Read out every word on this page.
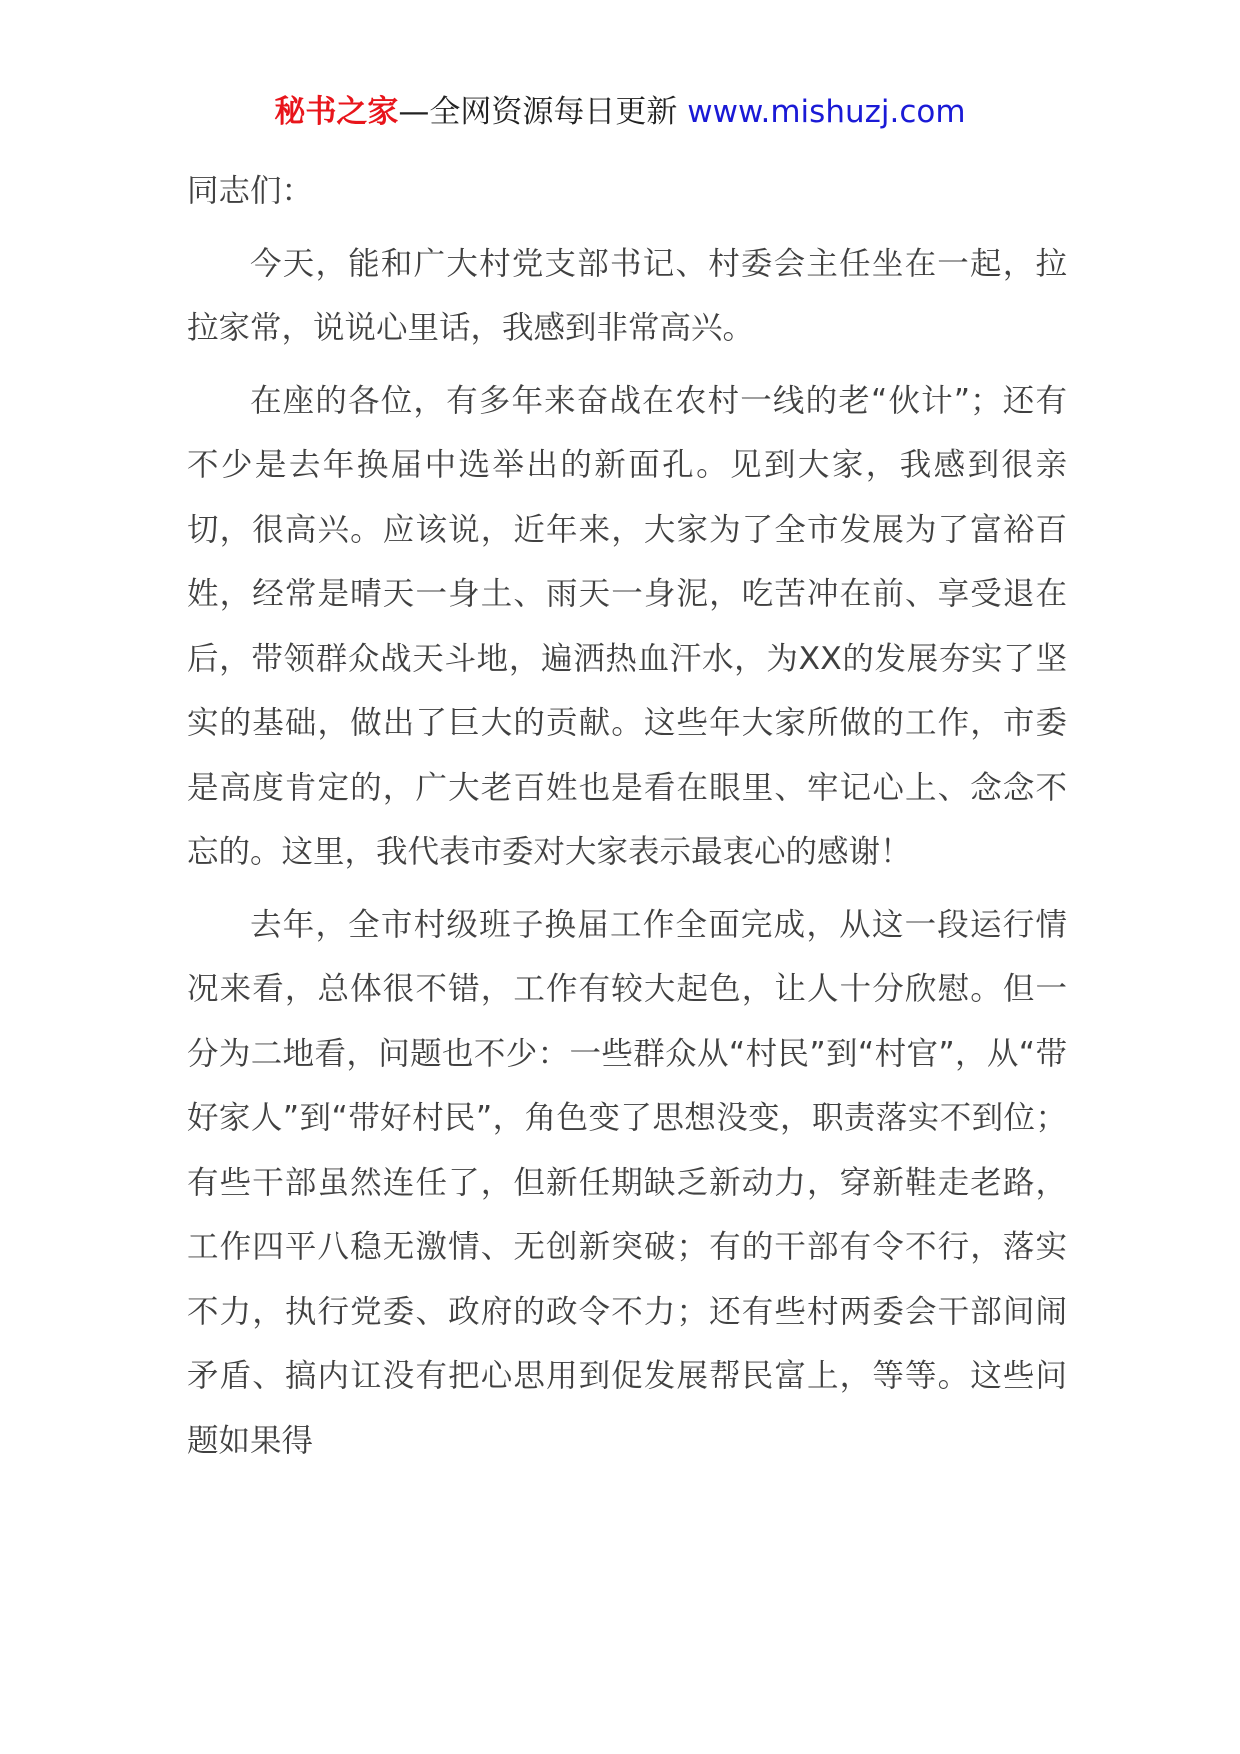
秘书之家—全网资源每日更新 www.mishuzj.com

同志们：

今天，能和广大村党支部书记、村委会主任坐在一起，拉拉家常，说说心里话，我感到非常高兴。

在座的各位，有多年来奋战在农村一线的老“伙计”；还有不少是去年换届中选举出的新面孔。见到大家，我感到很亲切，很高兴。应该说，近年来，大家为了全市发展为了富裕百姓，经常是晴天一身土、雨天一身泥，吃苦冲在前、享受退在后，带领群众战天斗地，遍洒热血汗水，为XX的发展夯实了坚实的基础，做出了巨大的贡献。这些年大家所做的工作，市委是高度肯定的，广大老百姓也是看在眼里、牢记心上、念念不忘的。这里，我代表市委对大家表示最衷心的感谢！

去年，全市村级班子换届工作全面完成，从这一段运行情况来看，总体很不错，工作有较大起色，让人十分欣慰。但一分为二地看，问题也不少：一些群众从“村民”到“村官”，从“带好家人”到“带好村民”，角色变了思想没变，职责落实不到位；有些干部虽然连任了，但新任期缺乏新动力，穿新鞋走老路，工作四平八稳无激情、无创新突破；有的干部有令不行，落实不力，执行党委、政府的政令不力；还有些村两委会干部间闹矛盾、搞内讧没有把心思用到促发展帮民富上，等等。这些问题如果得
